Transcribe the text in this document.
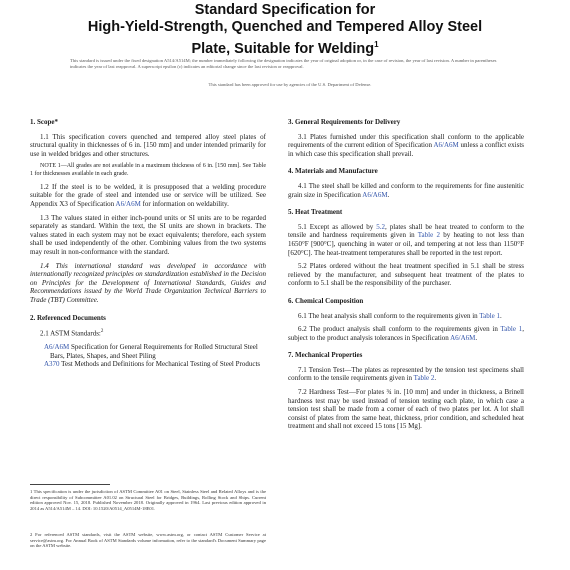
Standard Specification for
High-Yield-Strength, Quenched and Tempered Alloy Steel
Plate, Suitable for Welding$^1$
This standard is issued under the fixed designation A514/A514M; the number immediately following the designation indicates the year of original adoption or, in the case of revision, the year of last revision. A number in parentheses indicates the year of last reapproval. A superscript epsilon (ε) indicates an editorial change since the last revision or reapproval.
This standard has been approved for use by agencies of the U.S. Department of Defense.
1. Scope*
1.1 This specification covers quenched and tempered alloy steel plates of structural quality in thicknesses of 6 in. [150 mm] and under intended primarily for use in welded bridges and other structures.
NOTE 1—All grades are not available in a maximum thickness of 6 in. [150 mm]. See Table 1 for thicknesses available in each grade.
1.2 If the steel is to be welded, it is presupposed that a welding procedure suitable for the grade of steel and intended use or service will be utilized. See Appendix X3 of Specification A6/A6M for information on weldability.
1.3 The values stated in either inch-pound units or SI units are to be regarded separately as standard. Within the text, the SI units are shown in brackets. The values stated in each system may not be exact equivalents; therefore, each system shall be used independently of the other. Combining values from the two systems may result in non-conformance with the standard.
1.4 This international standard was developed in accordance with internationally recognized principles on standardization established in the Decision on Principles for the Development of International Standards, Guides and Recommendations issued by the World Trade Organization Technical Barriers to Trade (TBT) Committee.
2. Referenced Documents
2.1 ASTM Standards:$^2$
A6/A6M Specification for General Requirements for Rolled Structural Steel Bars, Plates, Shapes, and Sheet Piling
A370 Test Methods and Definitions for Mechanical Testing of Steel Products
1 This specification is under the jurisdiction of ASTM Committee A01 on Steel, Stainless Steel and Related Alloys and is the direct responsibility of Subcommittee A01.02 on Structural Steel for Bridges, Buildings, Rolling Stock and Ships. Current edition approved Nov. 15, 2018. Published November 2018. Originally approved in 1964. Last previous edition approved in 2014 as A514/A514M – 14. DOI: 10.1520/A0514_A0514M-18E01.
2 For referenced ASTM standards, visit the ASTM website, www.astm.org, or contact ASTM Customer Service at service@astm.org. For Annual Book of ASTM Standards volume information, refer to the standard's Document Summary page on the ASTM website.
3. General Requirements for Delivery
3.1 Plates furnished under this specification shall conform to the applicable requirements of the current edition of Specification A6/A6M unless a conflict exists in which case this specification shall prevail.
4. Materials and Manufacture
4.1 The steel shall be killed and conform to the requirements for fine austenitic grain size in Specification A6/A6M.
5. Heat Treatment
5.1 Except as allowed by 5.2, plates shall be heat treated to conform to the tensile and hardness requirements given in Table 2 by heating to not less than 1650°F [900°C], quenching in water or oil, and tempering at not less than 1150°F [620°C]. The heat-treatment temperatures shall be reported in the test report.
5.2 Plates ordered without the heat treatment specified in 5.1 shall be stress relieved by the manufacturer, and subsequent heat treatment of the plates to conform to 5.1 shall be the responsibility of the purchaser.
6. Chemical Composition
6.1 The heat analysis shall conform to the requirements given in Table 1.
6.2 The product analysis shall conform to the requirements given in Table 1, subject to the product analysis tolerances in Specification A6/A6M.
7. Mechanical Properties
7.1 Tension Test—The plates as represented by the tension test specimens shall conform to the tensile requirements given in Table 2.
7.2 Hardness Test—For plates ¾ in. [10 mm] and under in thickness, a Brinell hardness test may be used instead of tension testing each plate, in which case a tension test shall be made from a corner of each of two plates per lot. A lot shall consist of plates from the same heat, thickness, prior condition, and scheduled heat treatment and shall not exceed 15 tons [15 Mg].
